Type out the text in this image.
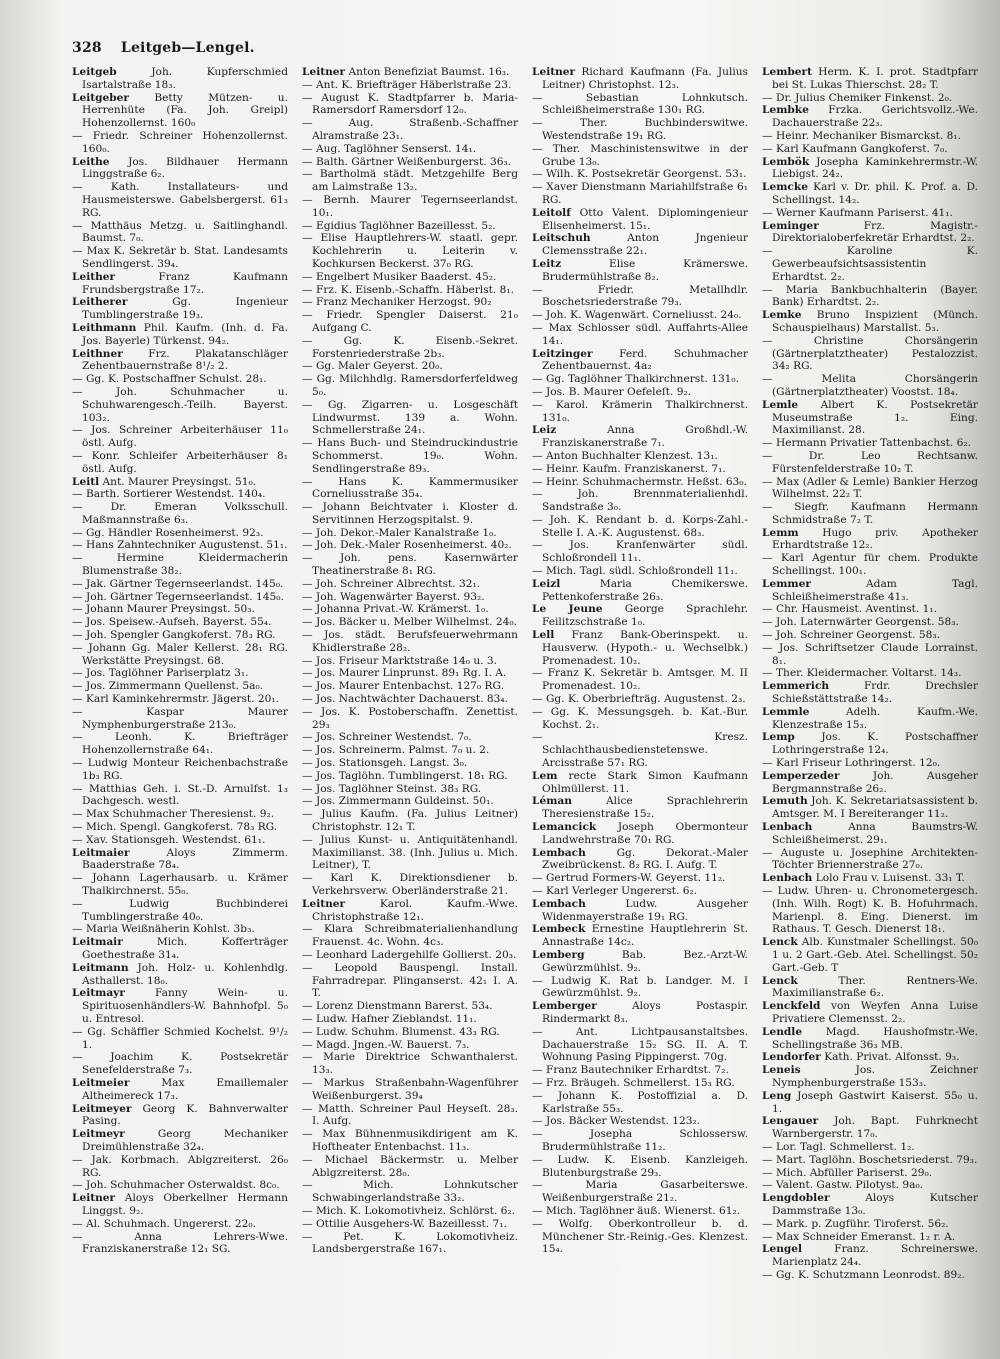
328 Leitgeb—Lengel.
Leitgeb Joh. Kupferschmied Isartalstraße 18₃.
Leitgeber Betty Mützen- u. Herrenhüte (Fa. Joh. Greipl) Hohenzollernst. 160₀
— Friedr. Schreiner Hohenzollernst. 160₀.
Leithe Jos. Bildhauer Hermann Linggstraße 6₂.
— Kath. Installateurs- und Hausmeisterswe. Gabelsbergerst. 61₃ RG.
— Matthäus Metzg. u. Saitlinghandl. Baumst. 7₀.
— Max K. Sekretär b. Stat. Landesamts Sendlingerst. 39₄.
Leither Franz Kaufmann Frundsbergstraße 17₂.
Leitherer Gg. Ingenieur Tumblingerstraße 19₃.
Leithmann Phil. Kaufm. (Inh. d. Fa. Jos. Bayerle) Türkenst. 94₂.
Leithner Frz. Plakatanschläger Zehentbauernstraße 8¹/₂ 2.
— Gg. K. Postschaffner Schulst. 28₁.
— Joh. Schuhmacher u. Schuhwarengesch.-Teilh. Bayerst. 103₂.
— Jos. Schreiner Arbeiterhäuser 11₀ östl. Aufg.
— Konr. Schleifer Arbeiterhäuser 8₁ östl. Aufg.
Leitl Ant. Maurer Preysingst. 51₀.
— Barth. Sortierer Westendst. 140₄.
— Dr. Emeran Volksschull. Maßmannstraße 6₃.
— Gg. Händler Rosenheimerst. 92₃.
— Hans Zahntechniker Augustenst. 51₁.
— Hermine Kleidermacherin Blumenstraße 38₂.
— Jak. Gärtner Tegernseerlandst. 145₀.
— Joh. Gärtner Tegernseerlandst. 145₀.
— Johann Maurer Preysingst. 50₃.
— Jos. Speisew.-Aufseh. Bayerst. 55₄.
— Joh. Spengler Gangkoferst. 78₃ RG.
— Johann Gg. Maler Kellerst. 28₁ RG. Werkstätte Preysingst. 68.
— Jos. Taglöhner Pariserplatz 3₁.
— Jos. Zimmermann Quellenst. 5a₀.
— Karl Kaminkehrermstr. Jägerst. 20₁.
— Kaspar Maurer Nymphenburgerstraße 213₀.
— Leonh. K. Briefträger Hohenzollernstraße 64₁.
— Ludwig Monteur Reichenbachstraße 1b₃ RG.
— Matthias Geh. i. St.-D. Arnulfst. 1₃ Dachgesch. westl.
— Max Schuhmacher Theresienst. 9₂.
— Mich. Spengl. Gangkoferst. 78₃ RG.
— Xav. Stationsgeh. Westendst. 61₁.
Leitmaier Aloys Zimmerm. Baaderstraße 78₄.
— Johann Lagerhausarb. u. Krämer Thalkirchnerst. 55₀.
— Ludwig Buchbinderei Tumblingerstraße 40₀.
— Maria Weißnäherin Kohlst. 3b₃.
Leitmair Mich. Kofferträger Goethestraße 31₄.
Leitmann Joh. Holz- u. Kohlenhdlg. Asthallerst. 18₀.
Leitmayr Fanny Wein- u. Spirituosenhändlers-W. Bahnhofpl. 5₀ u. Entresol.
— Gg. Schäffler Schmied Kochelst. 9¹/₂ 1.
— Joachim K. Postsekretär Senefelderstraße 7₃.
Leitmeier Max Emaillemaler Altheimereck 17₃.
Leitmeyer Georg K. Bahnverwalter Pasing.
Leitmeyr Georg Mechaniker Dreimühlenstraße 32₄.
— Jak. Korbmach. Ablgzreiterst. 26₀ RG.
— Joh. Schuhmacher Osterwaldst. 8c₀.
Leitner Aloys Oberkellner Hermann Linggst. 9₂.
— Al. Schuhmach. Ungererst. 22₀.
— Anna Lehrers-Wwe. Franziskanerstraße 12₁ SG.
Leitner Anton Benefiziat Baumst. 16₃.
— Ant. K. Briefträger Häberlstraße 23.
— August K. Stadtpfarrer b. Maria-Ramersdorf Ramersdorf 12₀.
— Aug. Straßenb.-Schaffner Alramstraße 23₁.
— Aug. Taglöhner Senserst. 14₁.
— Balth. Gärtner Weißenburgerst. 36₃.
— Bartholmä städt. Metzgehilfe Berg am Laimstraße 13₂.
— Bernh. Maurer Tegernseerlandst. 10₁.
— Egidius Taglöhner Bazeillesst. 5₂.
— Elise Hauptlehrers-W. staatl. gepr. Kochlehrerin u. Leiterin v. Kochkursen Beckerst. 37₀ RG.
— Engelbert Musiker Baaderst. 45₂.
— Frz. K. Eisenb.-Schaffn. Häberlst. 8₁.
— Franz Mechaniker Herzogst. 90₂
— Friedr. Spengler Daiserst. 21₀ Aufgang C.
— Gg. K. Eisenb.-Sekret. Forstenriederstraße 2b₃.
— Gg. Maler Geyerst. 20₀.
— Gg. Milchhdlg. Ramersdorferfeldweg 5₀.
— Gg. Zigarren- u. Losgeschäft Lindwurmst. 139 a. Wohn. Schmellerstraße 24₁.
— Hans Buch- und Steindruckindustrie Schommerst. 19₀. Wohn. Sendlingerstraße 89₃.
— Hans K. Kammermusiker Corneliusstraße 35₄.
— Johann Beichtvater i. Kloster d. Servitinnen Herzogspitalst. 9.
— Joh. Dekor.-Maler Kanalstraße 1₀.
— Joh. Dek.-Maler Rosenheimerst. 40₂.
— Joh. pens. Kasernwärter Theatinerstraße 8₁ RG.
— Joh. Schreiner Albrechtst. 32₁.
— Joh. Wagenwärter Bayerst. 93₂.
— Johanna Privat.-W. Krämerst. 1₀.
— Jos. Bäcker u. Melber Wilhelmst. 24₀.
— Jos. städt. Berufsfeuerwehrmann Khidlerstraße 28₂.
— Jos. Friseur Marktstraße 14₀ u. 3.
— Jos. Maurer Linprunst. 89₁ Rg. I. A.
— Jos. Maurer Entenbachst. 127₀ RG.
— Jos. Nachtwächter Dachauerst. 83₄.
— Jos. K. Postoberschaffn. Zenettist. 29₃
— Jos. Schreiner Westendst. 7₀.
— Jos. Schreinerm. Palmst. 7₀ u. 2.
— Jos. Stationsgeh. Langst. 3₀.
— Jos. Taglöhn. Tumblingerst. 18₁ RG.
— Jos. Taglöhner Steinst. 38₃ RG.
— Jos. Zimmermann Guldeinst. 50₁.
— Julius Kaufm. (Fa. Julius Leitner) Christophstr. 12₁ T.
— Julius Kunst- u. Antiquitätenhandl. Maximilianst. 38. (Inh. Julius u. Mich. Leitner), T.
— Karl K. Direktionsdiener b. Verkehrsverw. Oberländerstraße 21.
Leitner Karol. Kaufm.-Wwe. Christophstraße 12₁.
— Klara Schreibmaterialienhandlung Frauenst. 4c. Wohn. 4c₃.
— Leonhard Ladergehilfe Gollierst. 20₃.
— Leopold Bauspengl. Install. Fahrradrepar. Plinganserst. 42₁ I. A. T.
— Lorenz Dienstmann Barerst. 53₄.
— Ludw. Hafner Zieblandst. 11₁.
— Ludw. Schuhm. Blumenst. 43₃ RG.
— Magd. Jngen.-W. Bauerst. 7₃.
— Marie Direktrice Schwanthalerst. 13₃.
— Markus Straßenbahn-Wagenführer Weißenburgerst. 39₄
— Matth. Schreiner Paul Heyseſt. 28₃. I. Aufg.
— Max Bühnenmusikdirigent am K. Hoftheater Entenbachst. 11₃.
— Michael Bäckermstr. u. Melber Ablgzreiterst. 28₀.
— Mich. Lohnkutscher Schwabingerlandstraße 33₂.
— Mich. K. Lokomotivheiz. Schlörst. 6₂.
— Ottilie Ausgehers-W. Bazeillesst. 7₁.
— Pet. K. Lokomotivheiz. Landsbergerstraße 167₁.
Leitner Richard Kaufmann (Fa. Julius Leitner) Christophst. 12₃.
— Sebastian Lohnkutsch. Schleißheimerstraße 130₁ RG.
— Ther. Buchbinderswitwe. Westendstraße 19₁ RG.
— Ther. Maschinistenswitwe in der Grube 13₀.
— Wilh. K. Postsekretär Georgenst. 53₁.
— Xaver Dienstmann Mariahilfstraße 6₁ RG.
Leitolf Otto Valent. Diplomingenieur Elisenheimerst. 15₁.
Leitschuh Anton Jngenieur Clemensstraße 22₁.
Leitz Elise Krämerswe. Brudermühlstraße 8₂.
— Friedr. Metallhdlr. Boschetsriederstraße 79₃.
— Joh. K. Wagenwärt. Corneliusst. 24₀.
— Max Schlosser südl. Auffahrts-Allee 14₁.
Leitzinger Ferd. Schuhmacher Zehentbauernst. 4a₂
— Gg. Taglöhner Thalkirchnerst. 131₀.
— Jos. B. Maurer Oefeleſt. 9₂.
— Karol. Krämerin Thalkirchnerst. 131₀.
Leiz Anna Großhdl.-W. Franziskanerstraße 7₁.
— Anton Buchhalter Klenzest. 13₁.
— Heinr. Kaufm. Franziskanerst. 7₁.
— Heinr. Schuhmachermstr. Heßst. 63₀.
— Joh. Brennmaterialienhdl. Sandstraße 3₀.
— Joh. K. Rendant b. d. Korps-Zahl.-Stelle I. A.-K. Augustenst. 68₃.
— Jos. Kranfenwärter südl. Schloßrondell 11₁.
— Mich. Tagl. südl. Schloßrondell 11₁.
Leizl Maria Chemikerswe. Pettenkoferstraße 26₃.
Le Jeune George Sprachlehr. Feilitzschstraße 1₀.
Lell Franz Bank-Oberinspekt. u. Hausverw. (Hypoth.- u. Wechselbk.) Promenadest. 10₂.
— Franz K. Sekretär b. Amtsger. M. II Promenadest. 10₂.
— Gg. K. Oberbriefträg. Augustenst. 2₃.
— Gg. K. Messungsgeh. b. Kat.-Bur. Kochst. 2₁.
— Kresz. Schlachthausbedienstetenswe. Arcisstraße 57₁ RG.
Lem recte Stark Simon Kaufmann Ohlmüllerst. 11.
Léman Alice Sprachlehrerin Theresienstraße 15₂.
Lemancick Joseph Obermonteur Landwehrstraße 70₁ RG.
Lembach Gg. Dekorat.-Maler Zweibrückenst. 8₂ RG. I. Aufg. T.
— Gertrud Formers-W. Geyerst. 11₂.
— Karl Verleger Ungererst. 6₂.
Lembach Ludw. Ausgeher Widenmayerstraße 19₁ RG.
Lembeck Ernestine Hauptlehrerin St. Annastraße 14c₂.
Lemberg Bab. Bez.-Arzt-W. Gewürzmühlst. 9₂.
— Ludwig K. Rat b. Landger. M. I Gewürzmühlst. 9₂.
Lemberger Aloys Postaspir. Rindermarkt 8₃.
— Ant. Lichtpausanstaltsbes. Dachauerstraße 15₂ SG. II. A. T. Wohnung Pasing Pippingerst. 70g.
— Franz Bautechniker Erhardtst. 7₂.
— Frz. Bräugeh. Schmellerst. 15₃ RG.
— Johann K. Postoffizial a. D. Karlstraße 55₃.
— Jos. Bäcker Westendst. 123₂.
— Josepha Schlossersw. Brudermühlstraße 11₂.
— Ludw. K. Eisenb. Kanzleigeh. Blutenburgstraße 29₃.
— Maria Gasarbeiterswe. Weißenburgerstraße 21₂.
— Mich. Taglöhner äuß. Wienerst. 61₂.
— Wolfg. Oberkontrolleur b. d. Münchener Str.-Reinig.-Ges. Klenzest. 15₄.
Lembert Herm. K. I. prot. Stadtpfarr bei St. Lukas Thierschst. 28₂ T.
— Dr. Julius Chemiker Finkenst. 2₀.
Lembke Frzka. Gerichtsvollz.-We. Dachauerstraße 22₃.
— Heinr. Mechaniker Bismarckst. 8₁.
— Karl Kaufmann Gangkoferst. 7₀.
Lembök Josepha Kaminkehrermstr.-W. Liebigst. 24₂.
Lemcke Karl v. Dr. phil. K. Prof. a. D. Schellingst. 14₂.
— Werner Kaufmann Pariserst. 41₁.
Leminger Frz. Magistr.-Direktorialoberfekretär Erhardtst. 2₂.
— Karoline K. Gewerbeaufsichtsassistentin Erhardtst. 2₂.
— Maria Bankbuchhalterin (Bayer. Bank) Erhardtst. 2₂.
Lemke Bruno Inspizient (Münch. Schauspielhaus) Marstallst. 5₃.
— Christine Chorsängerin (Gärtnerplatztheater) Pestalozzist. 34₂ RG.
— Melita Chorsängerin (Gärtnerplatztheater) Voostst. 18₄.
Lemle Albert K. Postsekretär Museumstraße 1₂. Eing. Maximilianst. 28.
— Hermann Privatier Tattenbachst. 6₂.
— Dr. Leo Rechtsanw. Fürstenfelderstraße 10₂ T.
— Max (Adler & Lemle) Bankier Herzog Wilhelmst. 22₂ T.
— Siegfr. Kaufmann Hermann Schmidstraße 7₂ T.
Lemm Hugo priv. Apotheker Erhardtstraße 12₂.
— Karl Agentur für chem. Produkte Schellingst. 100₁.
Lemmer Adam Tagl. Schleißheimerstraße 41₃.
— Chr. Hausmeist. Aventinst. 1₁.
— Joh. Laternwärter Georgenst. 58₃.
— Joh. Schreiner Georgenst. 58₃.
— Jos. Schriftsetzer Claude Lorrainst. 8₁.
— Ther. Kleidermacher. Voltarst. 14₃.
Lemmerich Frdr. Drechsler Schießstättstraße 14₂.
Lemmle Adelh. Kaufm.-We. Klenzestraße 15₃.
Lemp Jos. K. Postschaffner Lothringerstraße 12₄.
— Karl Friseur Lothringerst. 12₀.
Lemperzeder Joh. Ausgeher Bergmannstraße 26₂.
Lemuth Joh. K. Sekretariatsassistent b. Amtsger. M. I Bereiteranger 11₂.
Lenbach Anna Baumstrs-W. Schleißheimerst. 29₁.
— Auguste u. Josephine Architekten-Töchter Briennerstraße 27₀.
Lenbach Lolo Frau v. Luisenst. 33₁ T.
— Ludw. Uhren- u. Chronometergesch. (Inh. Wilh. Rogt) K. B. Hofuhrmach. Marienpl. 8. Eing. Dienerst. im Rathaus. T. Gesch. Dienerst 18₁.
Lenck Alb. Kunstmaler Schellingst. 50₀ 1 u. 2 Gart.-Geb. Atel. Schellingst. 50₂ Gart.-Geb. T
Lenck Ther. Rentners-We. Maximilianstraße 6₂.
Lenckfeld von Weyfen Anna Luise Privatiere Clemensst. 2₂.
Lendle Magd. Haushofmstr.-We. Schellingstraße 36₃ MB.
Lendorfer Kath. Privat. Alfonsst. 9₃.
Leneis Jos. Zeichner Nymphenburgerstraße 153₃.
Leng Joseph Gastwirt Kaiserst. 55₀ u. 1.
Lengauer Joh. Bapt. Fuhrknecht Warnbergerstr. 17₀.
— Lor. Tagl. Schmellerst. 1₂.
— Mart. Taglöhn. Boschetsriederst. 79₃.
— Mich. Abfüller Pariserst. 29₀.
— Valent. Gastw. Pilotyst. 9a₀.
Lengdobler Aloys Kutscher Dammstraße 13₀.
— Mark. p. Zugführ. Tiroferst. 56₂.
— Max Schneider Emeranst. 1₂ r. A.
Lengel Franz. Schreinerswe. Marienplatz 24₄.
— Gg. K. Schutzmann Leonrodst. 89₂.
